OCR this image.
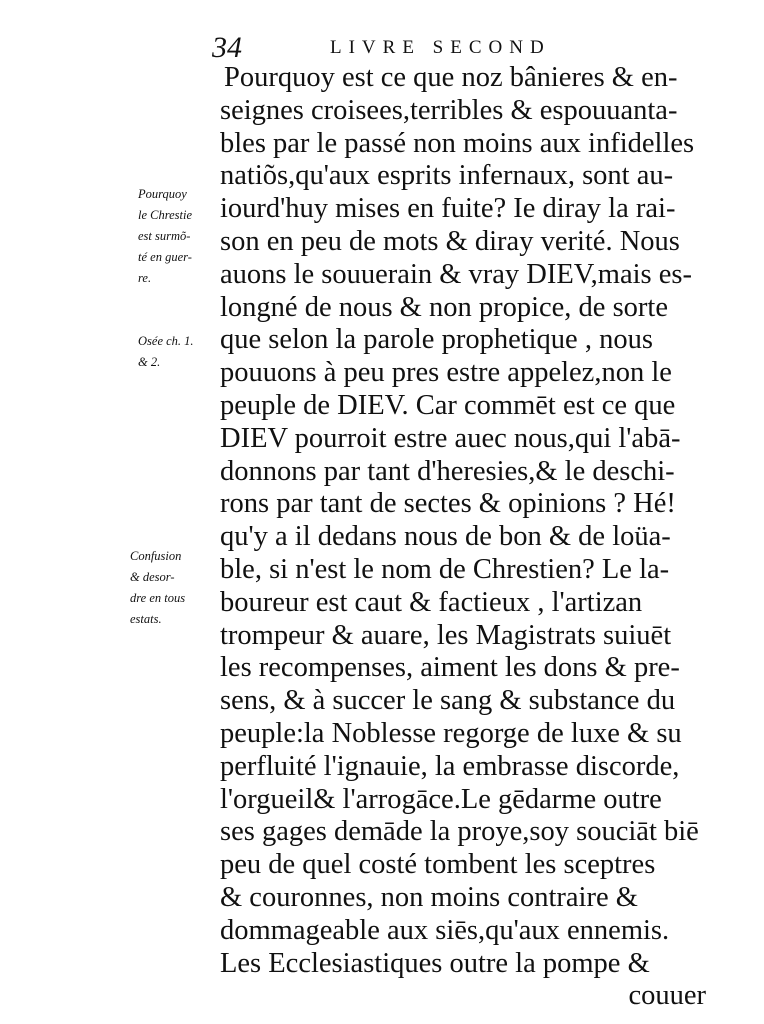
34	LIVRE SECOND
Pourquoy
le Chrestie
est surmõ-
té en guer-
re.
Osée ch. 1.
& 2.
Confusion
& desor-
dre en tous
estats.
Pourquoy est ce que noz bânieres & en-
seignes croisees,terribles & espouuanta-
bles par le passé non moins aux infidelles
natiõs,qu'aux esprits infernaux, sont au-
iourd'huy mises en fuite? Ie diray la rai-
son en peu de mots & diray verité. Nous
auons le souuerain & vray DIEV,mais es-
longné de nous & non propice, de sorte
que selon la parole prophetique , nous
pouuons à peu pres estre appelez,non le
peuple de DIEV. Car commēt est ce que
DIEV pourroit estre auec nous,qui l'abā-
donnons par tant d'heresies,& le deschi-
rons par tant de sectes & opinions ? Hé!
qu'y a il dedans nous de bon & de loüa-
ble, si n'est le nom de Chrestien? Le la-
boureur est caut & factieux , l'artizan
trompeur & auare, les Magistrats suiuēt
les recompenses, aiment les dons & pre-
sens, & à succer le sang & substance du
peuple:la Noblesse regorge de luxe & su
perfluité l'ignauie, la embrasse discorde,
l'orgueil& l'arrogāce.Le gēdarme outre
ses gages demāde la proye,soy souciāt biē
peu de quel costé tombent les sceptres
& couronnes, non moins contraire &
dommageable aux siēs,qu'aux ennemis.
Les Ecclesiastiques outre la pompe &
couuer
